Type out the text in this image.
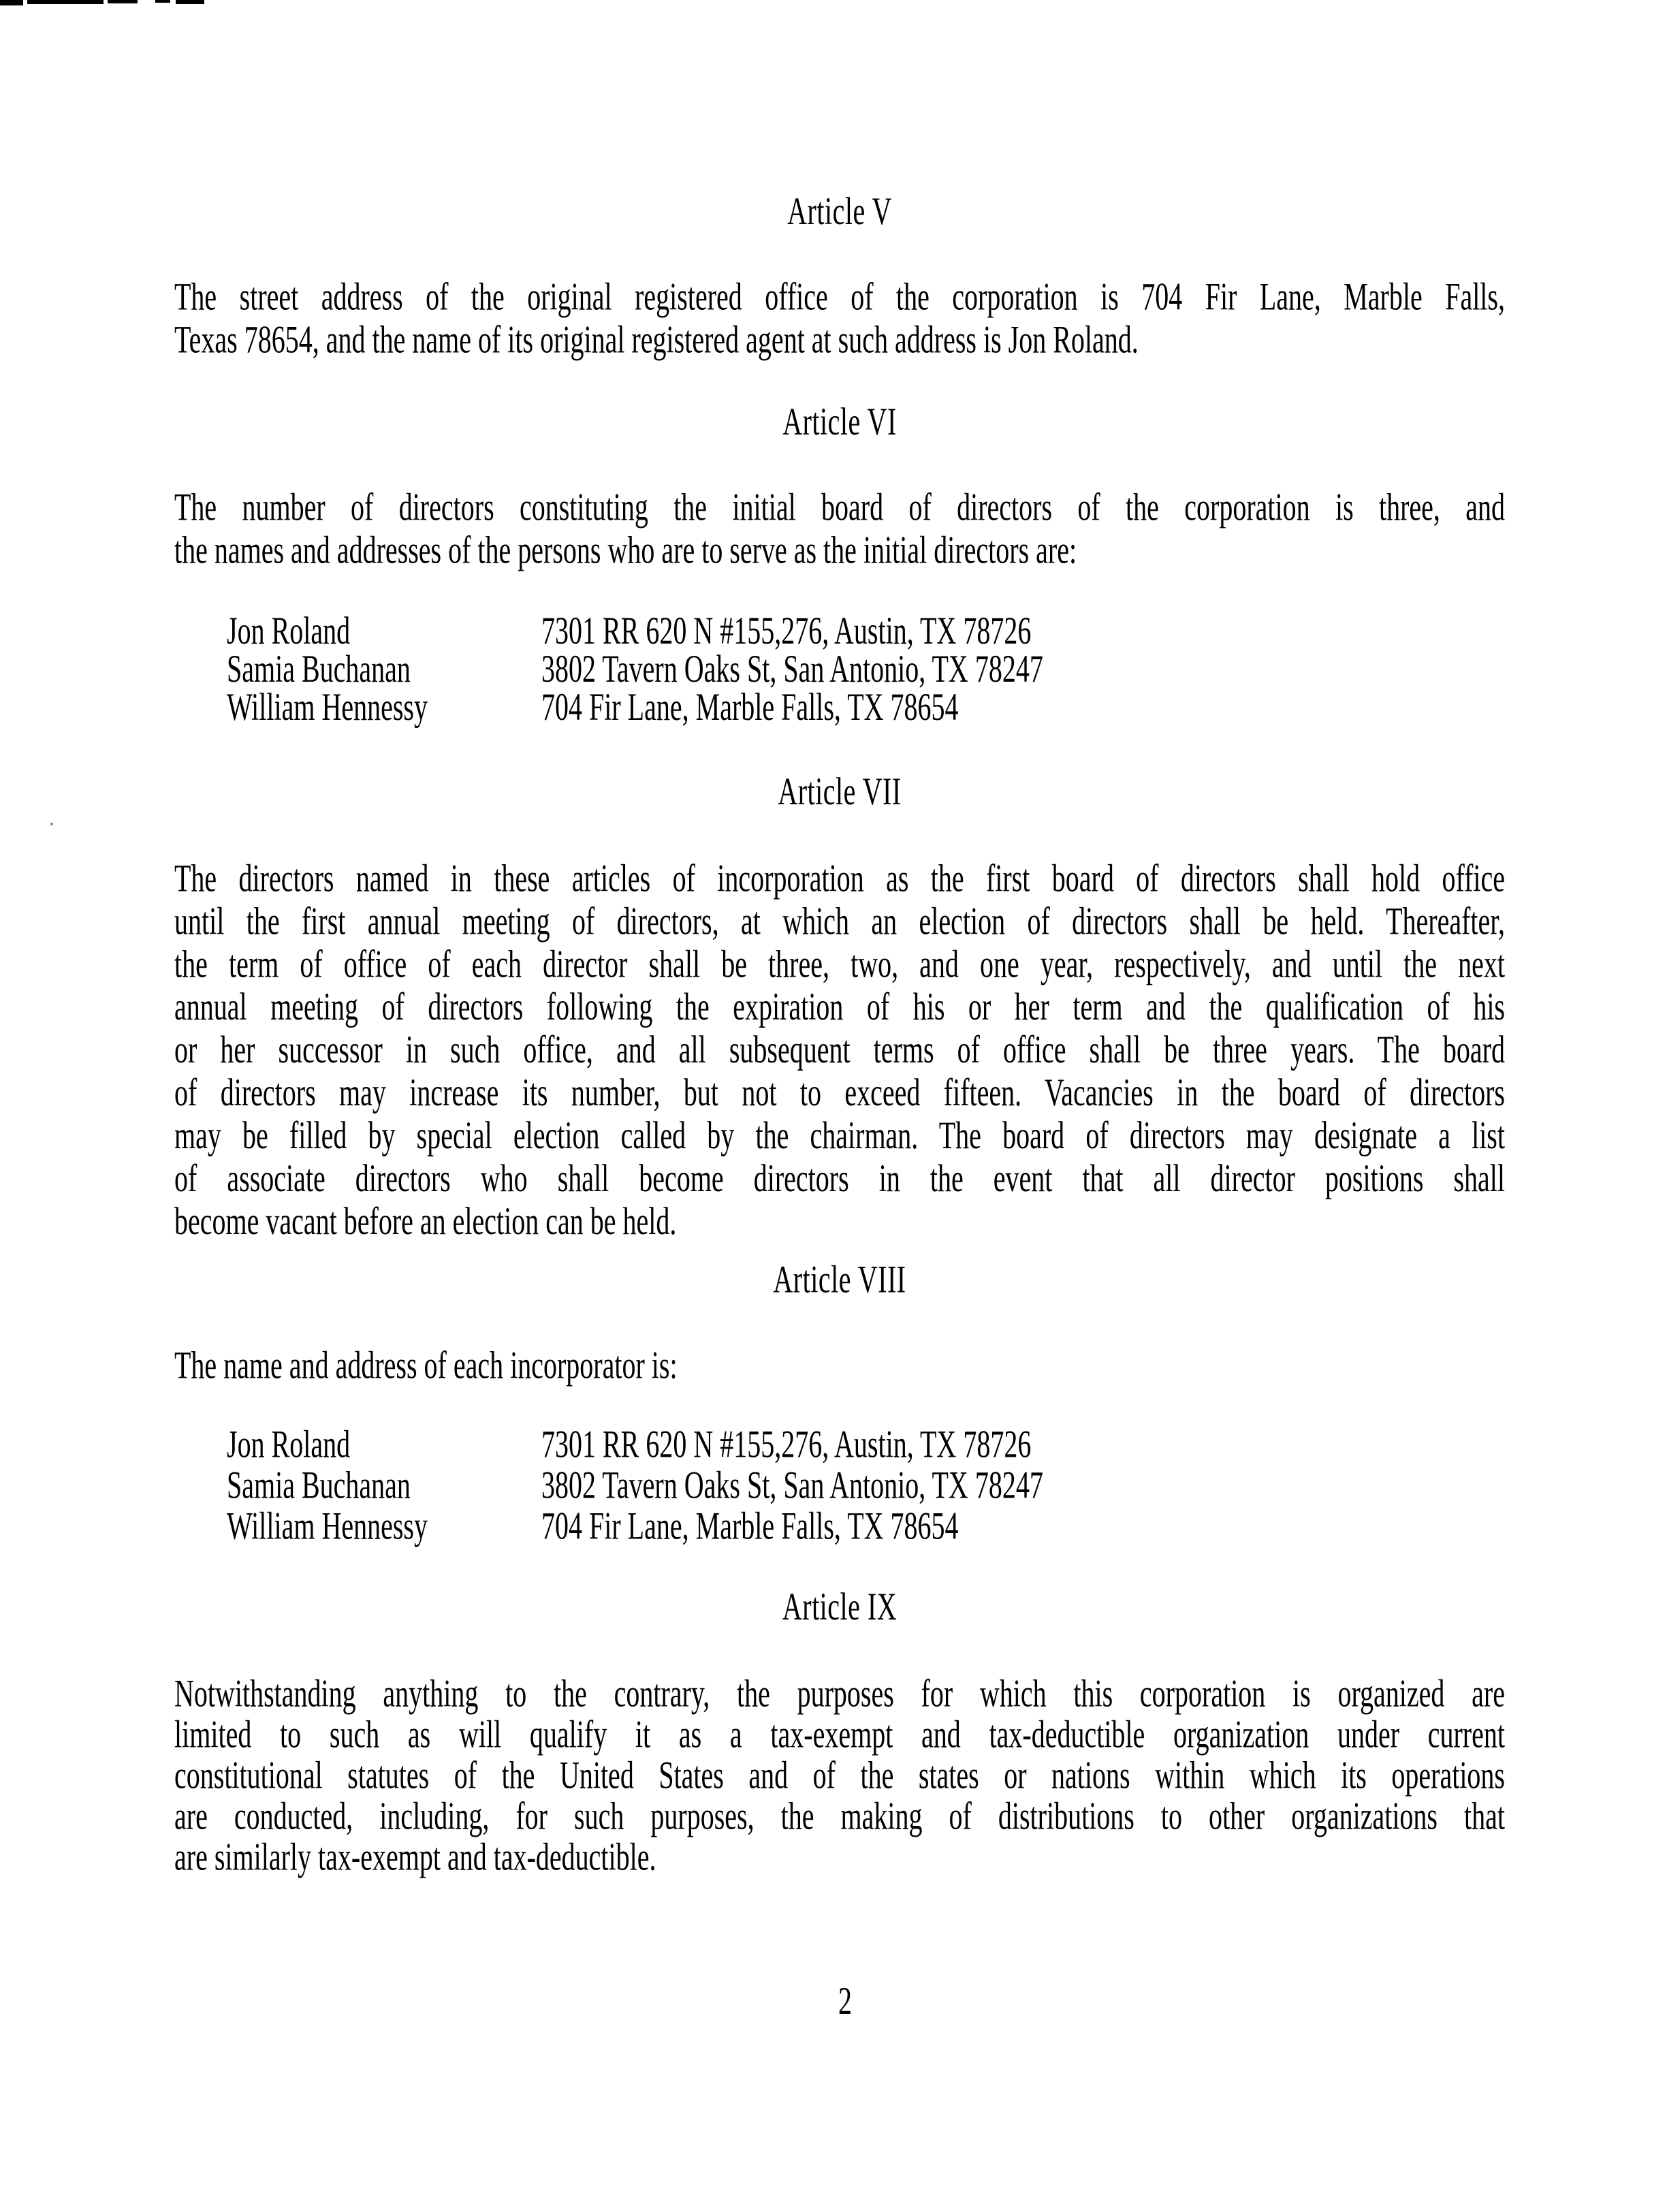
Article V
The street address of the original registered office of the corporation is 704 Fir Lane, Marble Falls,
Texas 78654, and the name of its original registered agent at such address is Jon Roland.
Article VI
The number of directors constituting the initial board of directors of the corporation is three, and
the names and addresses of the persons who are to serve as the initial directors are:
Jon Roland	7301 RR 620 N #155,276, Austin, TX 78726
Samia Buchanan	3802 Tavern Oaks St, San Antonio, TX 78247
William Hennessy	704 Fir Lane, Marble Falls, TX 78654
Article VII
The directors named in these articles of incorporation as the first board of directors shall hold office
until the first annual meeting of directors, at which an election of directors shall be held. Thereafter,
the term of office of each director shall be three, two, and one year, respectively, and until the next
annual meeting of directors following the expiration of his or her term and the qualification of his
or her successor in such office, and all subsequent terms of office shall be three years. The board
of directors may increase its number, but not to exceed fifteen. Vacancies in the board of directors
may be filled by special election called by the chairman. The board of directors may designate a list
of associate directors who shall become directors in the event that all director positions shall
become vacant before an election can be held.
Article VIII
The name and address of each incorporator is:
Jon Roland	7301 RR 620 N #155,276, Austin, TX 78726
Samia Buchanan	3802 Tavern Oaks St, San Antonio, TX 78247
William Hennessy	704 Fir Lane, Marble Falls, TX 78654
Article IX
Notwithstanding anything to the contrary, the purposes for which this corporation is organized are
limited to such as will qualify it as a tax-exempt and tax-deductible organization under current
constitutional statutes of the United States and of the states or nations within which its operations
are conducted, including, for such purposes, the making of distributions to other organizations that
are similarly tax-exempt and tax-deductible.
2
